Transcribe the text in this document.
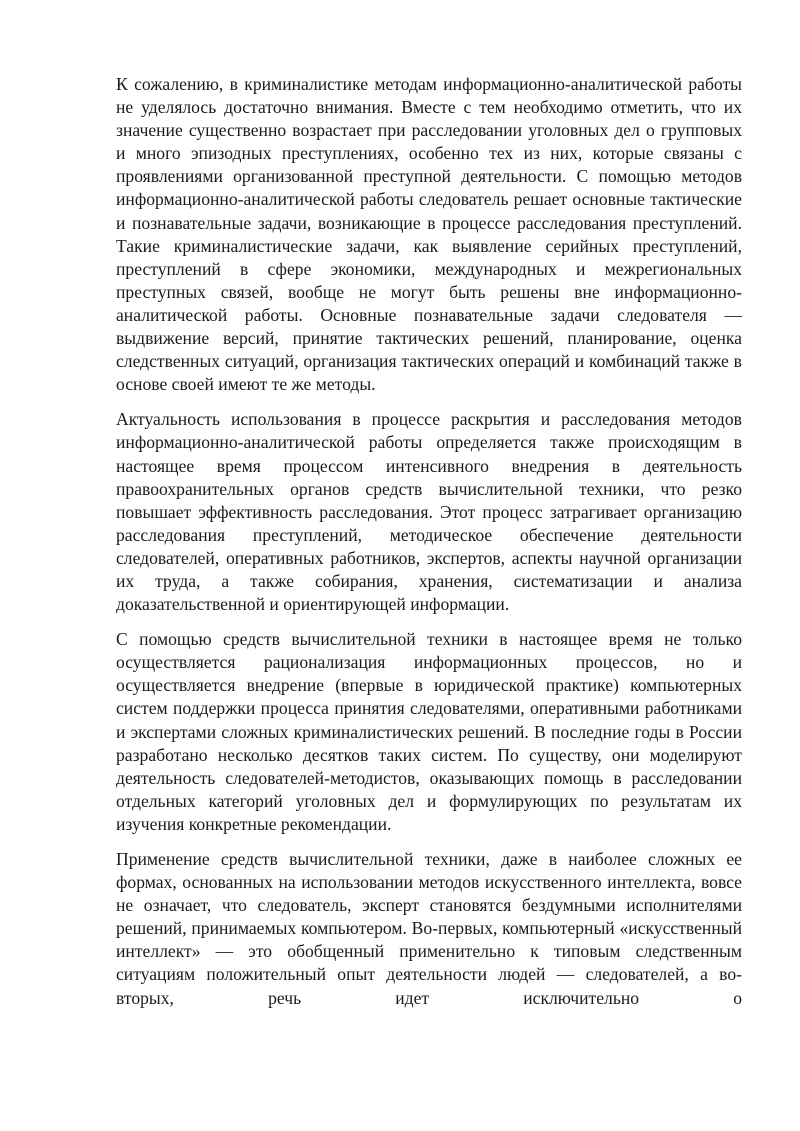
К сожалению, в криминалистике методам информационно-аналитической работы не уделялось достаточно внимания. Вместе с тем необходимо отметить, что их значение существенно возрастает при расследовании уголовных дел о групповых и много эпизодных преступлениях, особенно тех из них, которые связаны с проявлениями организованной преступной деятельности. С помощью методов информационно-аналитической работы следователь решает основные тактические и познавательные задачи, возникающие в процессе расследования преступлений. Такие криминалистические задачи, как выявление серийных преступлений, преступлений в сфере экономики, международных и межрегиональных преступных связей, вообще не могут быть решены вне информационно-аналитической работы. Основные познавательные задачи следователя — выдвижение версий, принятие тактических решений, планирование, оценка следственных ситуаций, организация тактических операций и комбинаций также в основе своей имеют те же методы.

Актуальность использования в процессе раскрытия и расследования методов информационно-аналитической работы определяется также происходящим в настоящее время процессом интенсивного внедрения в деятельность правоохранительных органов средств вычислительной техники, что резко повышает эффективность расследования. Этот процесс затрагивает организацию расследования преступлений, методическое обеспечение деятельности следователей, оперативных работников, экспертов, аспекты научной организации их труда, а также собирания, хранения, систематизации и анализа доказательственной и ориентирующей информации.

С помощью средств вычислительной техники в настоящее время не только осуществляется рационализация информационных процессов, но и осуществляется внедрение (впервые в юридической практике) компьютерных систем поддержки процесса принятия следователями, оперативными работниками и экспертами сложных криминалистических решений. В последние годы в России разработано несколько десятков таких систем. По существу, они моделируют деятельность следователей-методистов, оказывающих помощь в расследовании отдельных категорий уголовных дел и формулирующих по результатам их изучения конкретные рекомендации.

Применение средств вычислительной техники, даже в наиболее сложных ее формах, основанных на использовании методов искусственного интеллекта, вовсе не означает, что следователь, эксперт становятся бездумными исполнителями решений, принимаемых компьютером. Во-первых, компьютерный «искусственный интеллект» — это обобщенный применительно к типовым следственным ситуациям положительный опыт деятельности людей — следователей, а во-вторых, речь идет исключительно о
